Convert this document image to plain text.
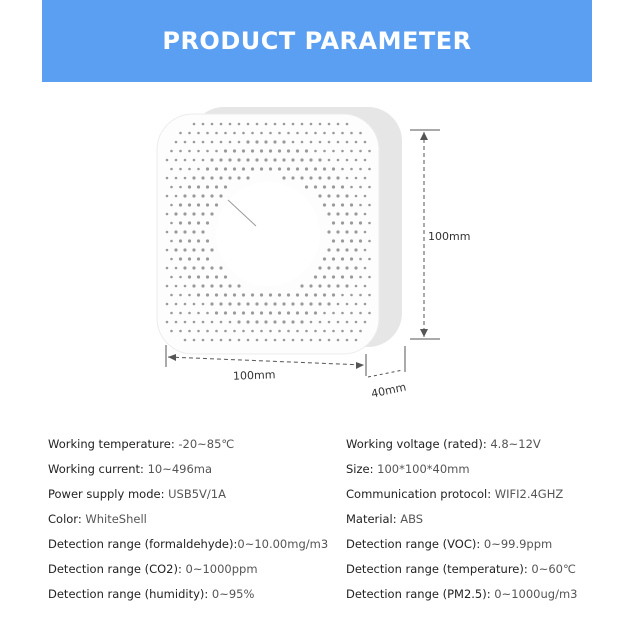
PRODUCT PARAMETER
100mm
100mm
40mm
Working temperature: -20~85℃
Working current: 10~496ma
Power supply mode: USB5V/1A
Color: WhiteShell
Detection range (formaldehyde):0~10.00mg/m3
Detection range (CO2): 0~1000ppm
Detection range (humidity): 0~95%
Working voltage (rated): 4.8~12V
Size: 100*100*40mm
Communication protocol: WIFI2.4GHZ
Material: ABS
Detection range (VOC): 0~99.9ppm
Detection range (temperature): 0~60℃
Detection range (PM2.5): 0~1000ug/m3
